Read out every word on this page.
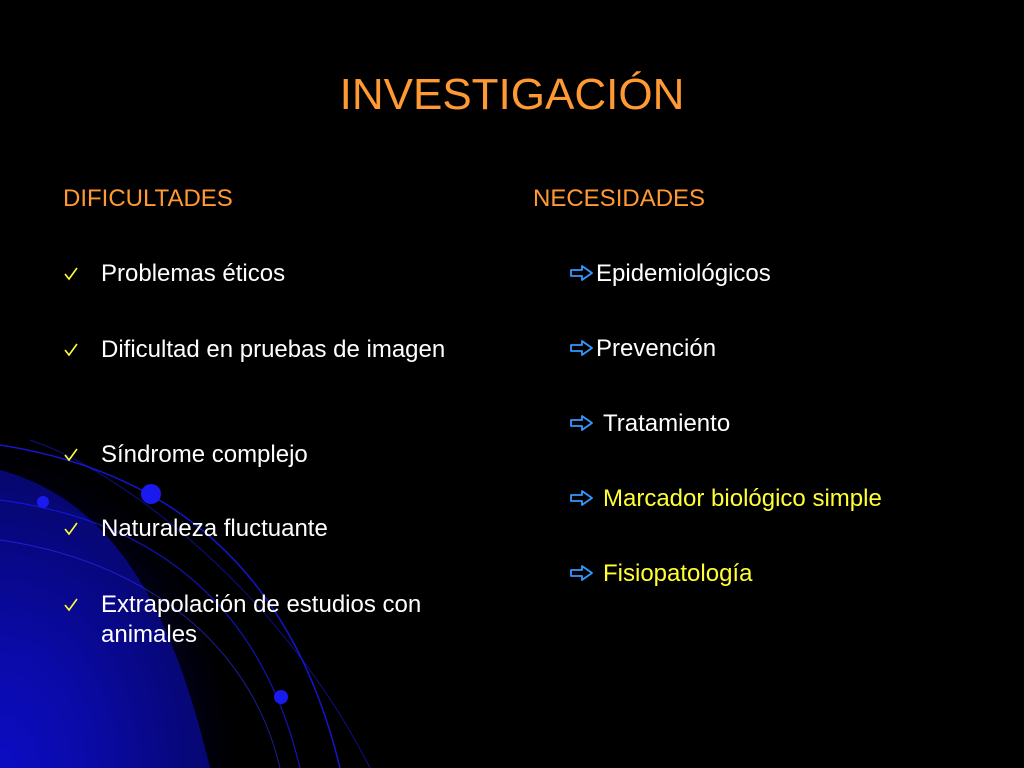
INVESTIGACIÓN
DIFICULTADES	NECESIDADES
Problemas éticos
Dificultad en pruebas de imagen
Síndrome complejo
Naturaleza fluctuante
Extrapolación de estudios con animales
Epidemiológicos
Prevención
Tratamiento
Marcador biológico simple
Fisiopatología
